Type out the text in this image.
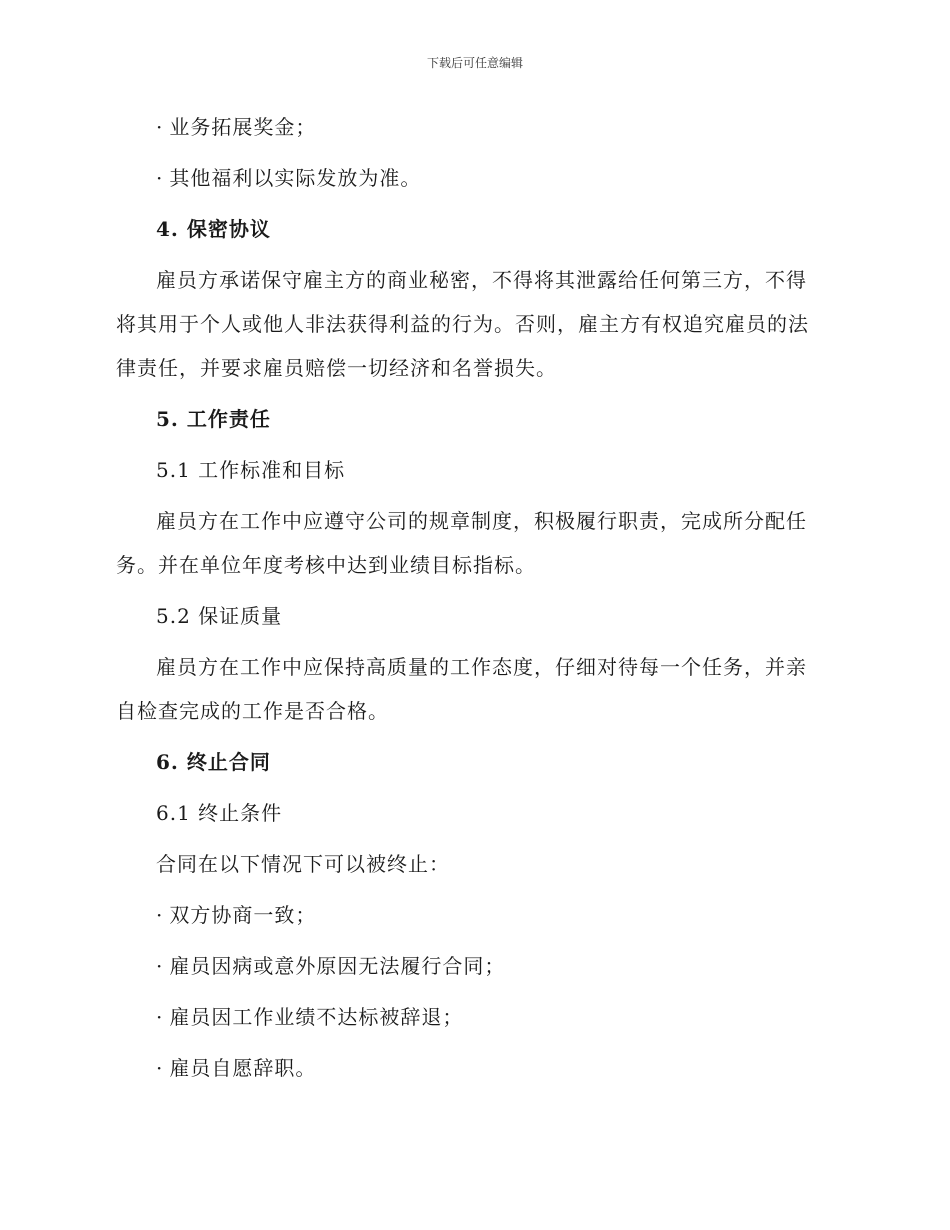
下载后可任意编辑
· 业务拓展奖金；
· 其他福利以实际发放为准。
4. 保密协议
雇员方承诺保守雇主方的商业秘密，不得将其泄露给任何第三方，不得
将其用于个人或他人非法获得利益的行为。否则，雇主方有权追究雇员的法
律责任，并要求雇员赔偿一切经济和名誉损失。
5. 工作责任
5.1 工作标准和目标
雇员方在工作中应遵守公司的规章制度，积极履行职责，完成所分配任
务。并在单位年度考核中达到业绩目标指标。
5.2 保证质量
雇员方在工作中应保持高质量的工作态度，仔细对待每一个任务，并亲
自检查完成的工作是否合格。
6. 终止合同
6.1 终止条件
合同在以下情况下可以被终止：
· 双方协商一致；
· 雇员因病或意外原因无法履行合同；
· 雇员因工作业绩不达标被辞退；
· 雇员自愿辞职。
